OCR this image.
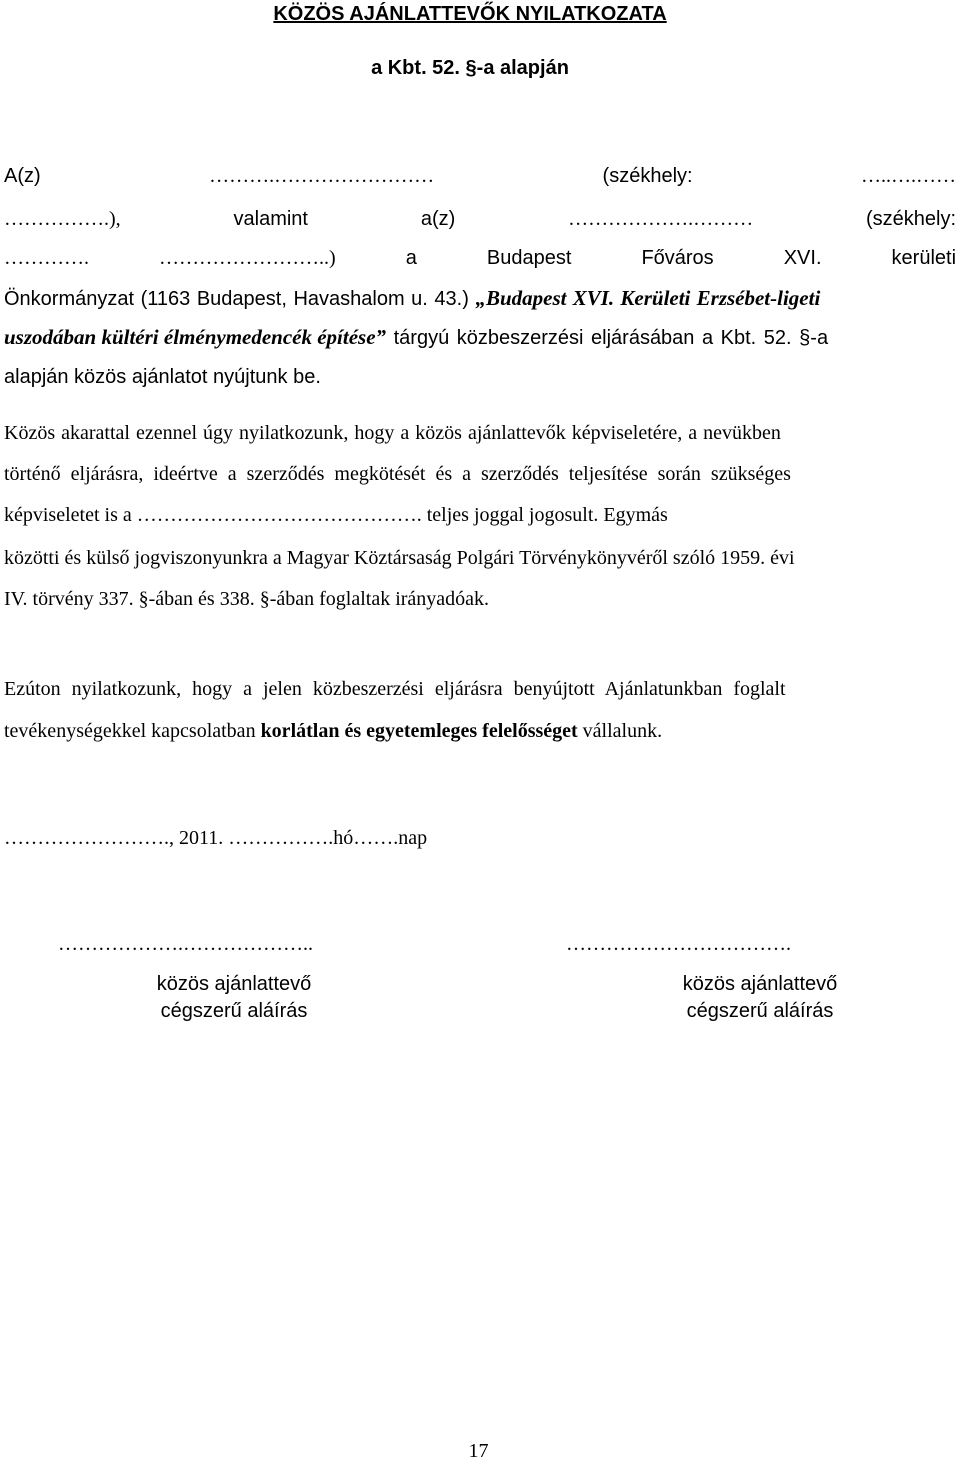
KÖZÖS AJÁNLATTEVŐK NYILATKOZATA
a Kbt. 52. §-a alapján
A(z)	……….……………………	(székhely:	…..….……
…………….),	valamint	a(z)	……………….………	(székhely:
………….	……………………..)	a	Budapest	Főváros	XVI.	kerületi
Önkormányzat (1163 Budapest, Havashalom u. 43.) „Budapest XVI. Kerületi Erzsébet-ligeti
uszodában kültéri élménymedencék építése” tárgyú közbeszerzési eljárásában a Kbt. 52. §-a
alapján közös ajánlatot nyújtunk be.
Közös akarattal ezennel úgy nyilatkozunk, hogy a közös ajánlattevők képviseletére, a nevükben
történő eljárásra, ideértve a szerződés megkötését és a szerződés teljesítése során szükséges
képviseletet is a ……………………………………. teljes joggal jogosult. Egymás
közötti és külső jogviszonyunkra a Magyar Köztársaság Polgári Törvénykönyvéről szóló 1959. évi
IV. törvény 337. §-ában és 338. §-ában foglaltak irányadóak.
Ezúton nyilatkozunk, hogy a jelen közbeszerzési eljárásra benyújtott Ajánlatunkban foglalt
tevékenységekkel kapcsolatban korlátlan és egyetemleges felelősséget vállalunk.
……………………., 2011. …………….hó…….nap
……………….………………..	…………………………….
közös ajánlattevő
cégszerű aláírás
közös ajánlattevő
cégszerű aláírás
17
